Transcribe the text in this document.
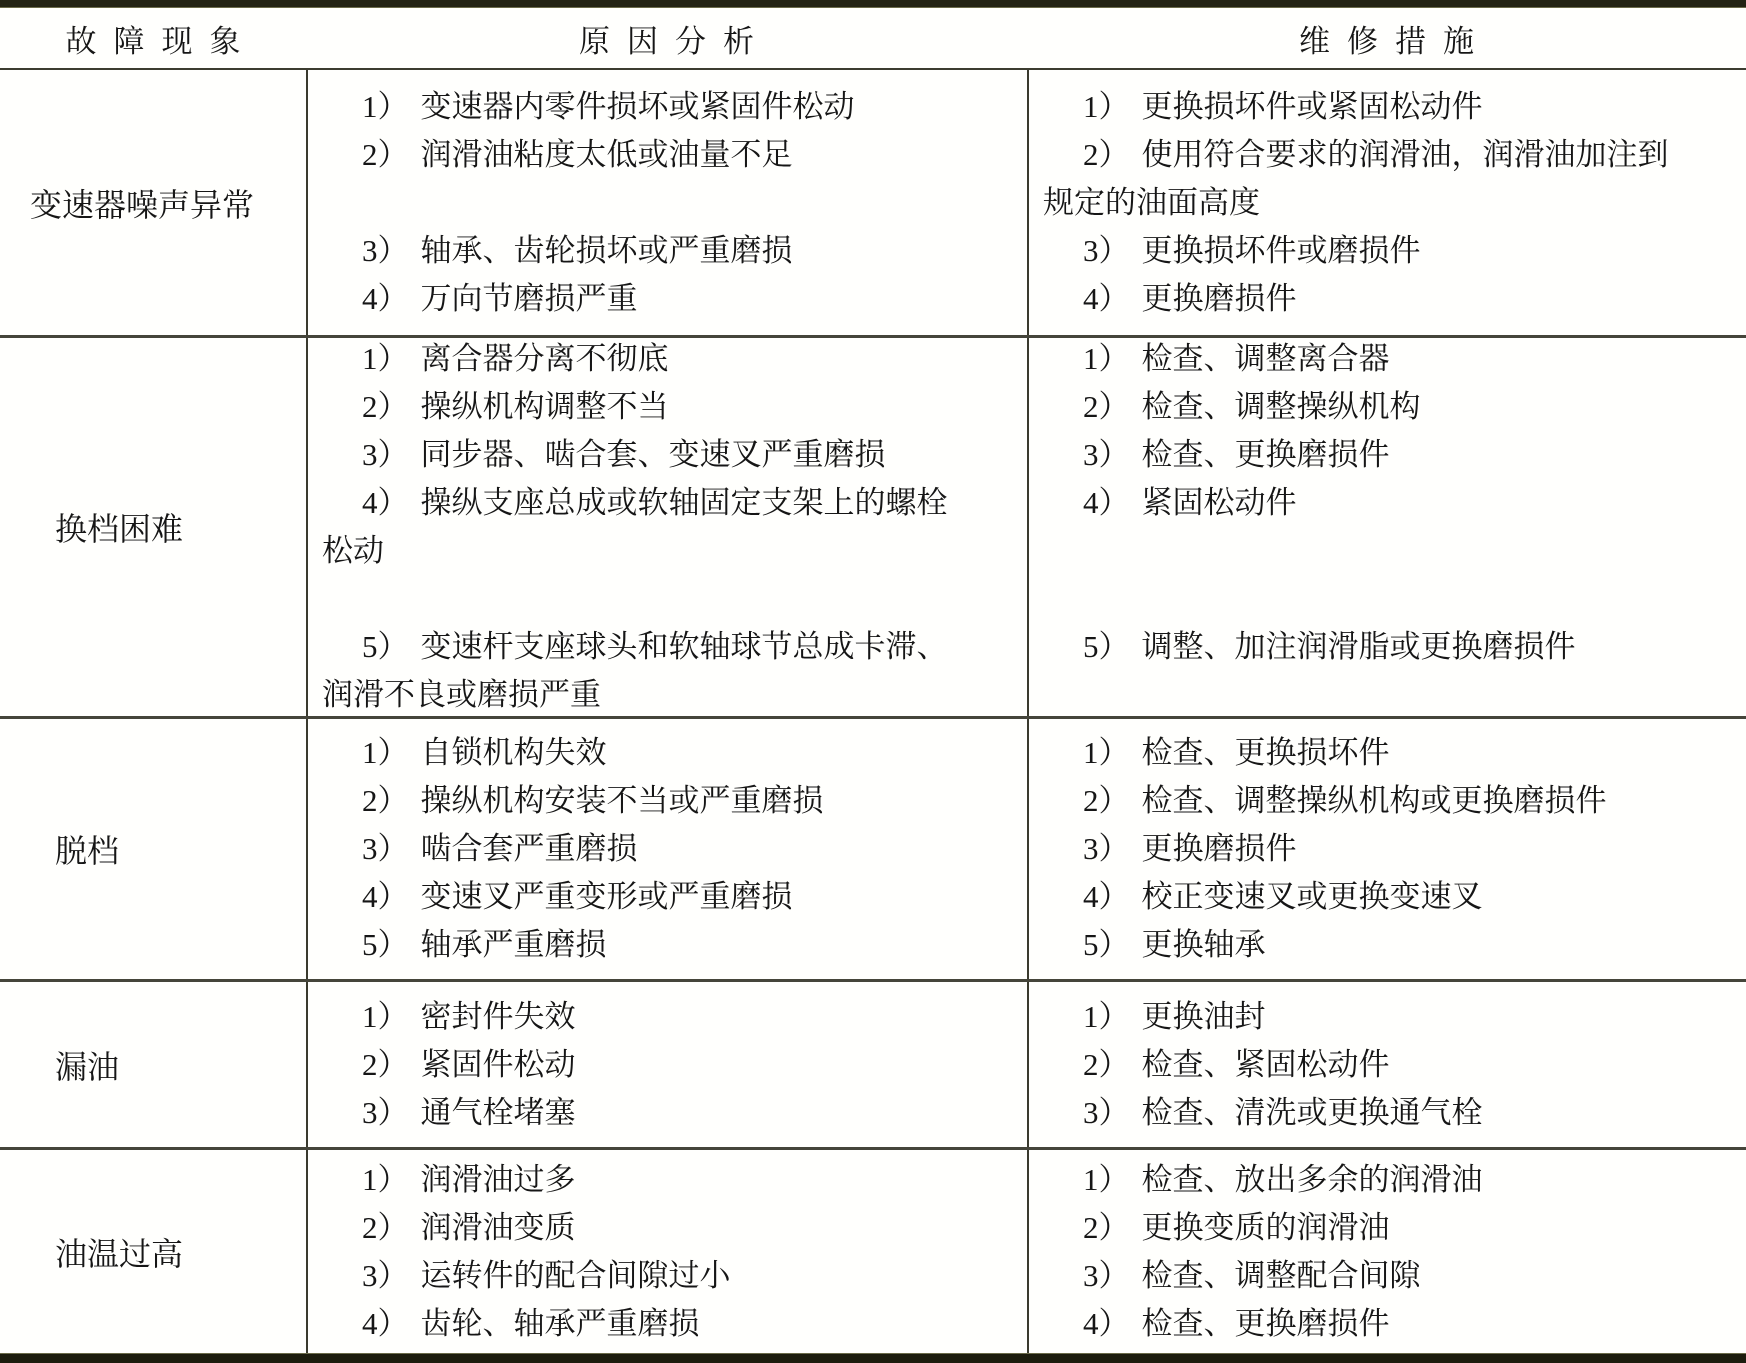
故障现象	原因分析	维修措施
变速器噪声异常
1） 变速器内零件损坏或紧固件松动
2） 润滑油粘度太低或油量不足

3） 轴承、齿轮损坏或严重磨损
4） 万向节磨损严重
1） 更换损坏件或紧固松动件
2） 使用符合要求的润滑油，润滑油加注到
规定的油面高度
3） 更换损坏件或磨损件
4） 更换磨损件
换档困难
1） 离合器分离不彻底
2） 操纵机构调整不当
3） 同步器、啮合套、变速叉严重磨损
4） 操纵支座总成或软轴固定支架上的螺栓
松动

5） 变速杆支座球头和软轴球节总成卡滞、
润滑不良或磨损严重
1） 检查、调整离合器
2） 检查、调整操纵机构
3） 检查、更换磨损件
4） 紧固松动件

5） 调整、加注润滑脂或更换磨损件

脱档
1） 自锁机构失效
2） 操纵机构安装不当或严重磨损
3） 啮合套严重磨损
4） 变速叉严重变形或严重磨损
5） 轴承严重磨损
1） 检查、更换损坏件
2） 检查、调整操纵机构或更换磨损件
3） 更换磨损件
4） 校正变速叉或更换变速叉
5） 更换轴承
漏油
1） 密封件失效
2） 紧固件松动
3） 通气栓堵塞
1） 更换油封
2） 检查、紧固松动件
3） 检查、清洗或更换通气栓
油温过高
1） 润滑油过多
2） 润滑油变质
3） 运转件的配合间隙过小
4） 齿轮、轴承严重磨损
1） 检查、放出多余的润滑油
2） 更换变质的润滑油
3） 检查、调整配合间隙
4） 检查、更换磨损件
